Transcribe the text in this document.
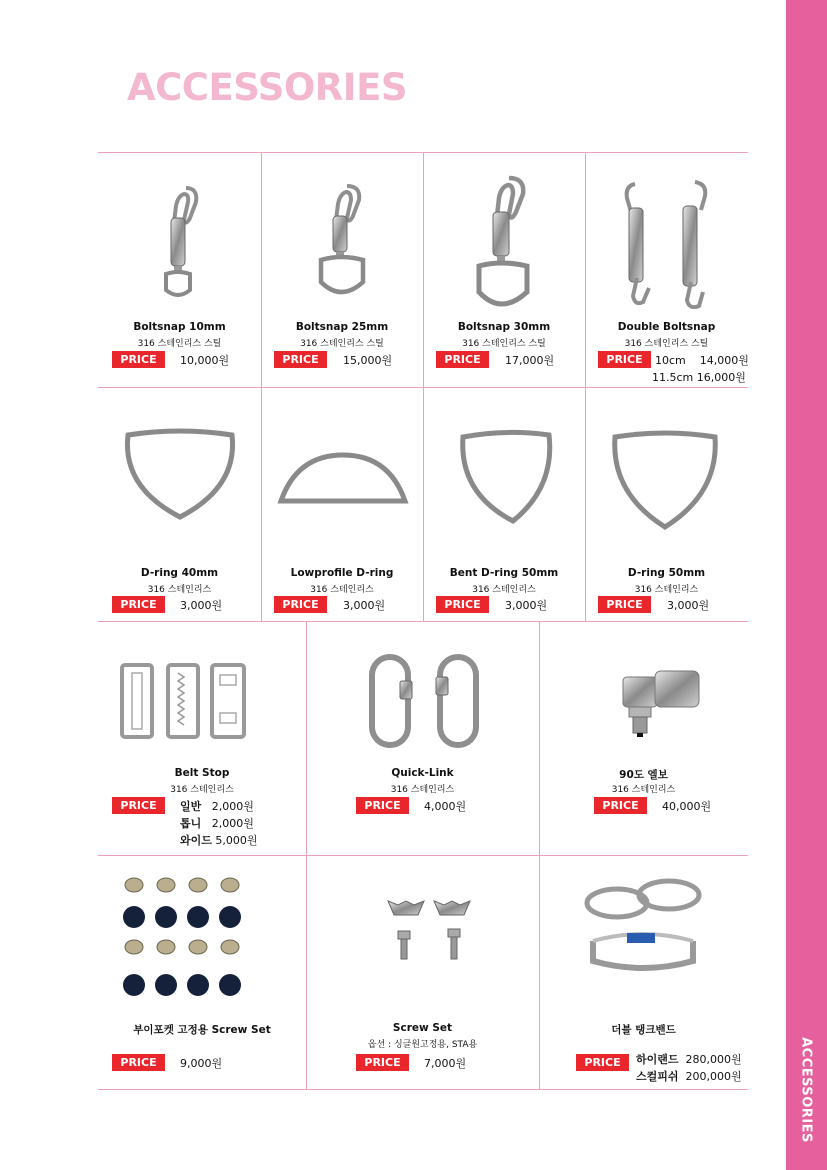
ACCESSORIES
ACCESSORIES
Boltsnap 10mm
316 스테인리스 스틸
PRICE	10,000원
Boltsnap 25mm
316 스테인리스 스틸
PRICE	15,000원
Boltsnap 30mm
316 스테인리스 스틸
PRICE	17,000원
Double Boltsnap
316 스테인리스 스틸
PRICE	10cm 14,000원
11.5cm 16,000원
D-ring 40mm
316 스테인리스
PRICE	3,000원
Lowprofile D-ring
316 스테인리스
PRICE	3,000원
Bent D-ring 50mm
316 스테인리스
PRICE	3,000원
D-ring 50mm
316 스테인리스
PRICE	3,000원
Belt Stop
316 스테인리스
PRICE	일반 2,000원
톱니 2,000원
와이드 5,000원
Quick-Link
316 스테인리스
PRICE	4,000원
90도 엘보
316 스테인리스
PRICE	40,000원
부이포켓 고정용 Screw Set
PRICE	9,000원
Screw Set
옵션 : 싱글원고정용, STA용
PRICE	7,000원
더블 탱크밴드
PRICE	하이랜드 280,000원
스컬피쉬 200,000원
